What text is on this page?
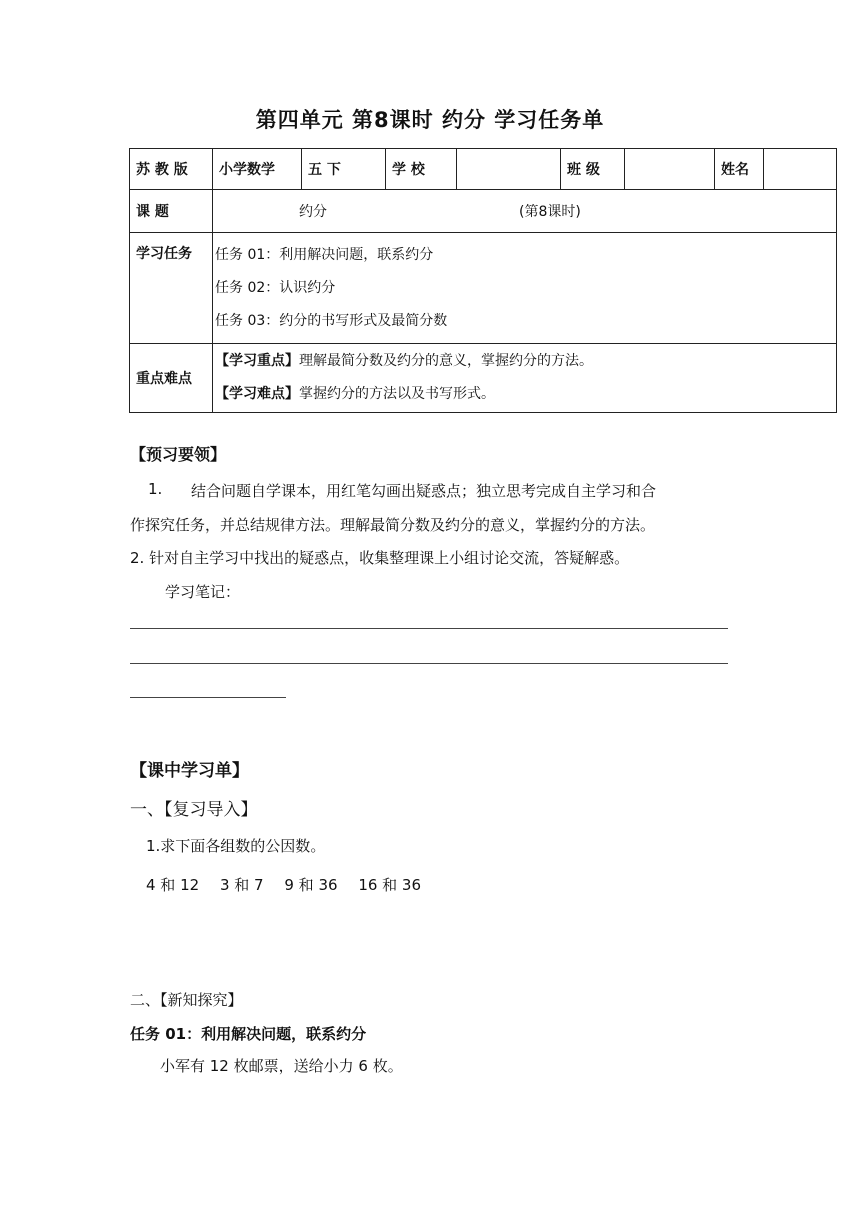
第四单元 第8课时 约分 学习任务单
苏 教 版	小学数学	五 下	学 校		班 级		姓名	
课 题	约分 (第8课时)							
学习任务	任务 01：利用解决问题，联系约分
任务 02：认识约分
任务 03：约分的书写形式及最简分数							

重点难点	【学习重点】理解最简分数及约分的意义，掌握约分的方法。
【学习难点】掌握约分的方法以及书写形式。							
【预习要领】
1. 结合问题自学课本，用红笔勾画出疑惑点；独立思考完成自主学习和合
作探究任务，并总结规律方法。理解最简分数及约分的意义，掌握约分的方法。
2. 针对自主学习中找出的疑惑点，收集整理课上小组讨论交流，答疑解惑。
学习笔记：
【课中学习单】
一、【复习导入】
1.求下面各组数的公因数。
4 和 12 3 和 7 9 和 36 16 和 36
二、【新知探究】
任务 01：利用解决问题，联系约分
小军有 12 枚邮票，送给小力 6 枚。
